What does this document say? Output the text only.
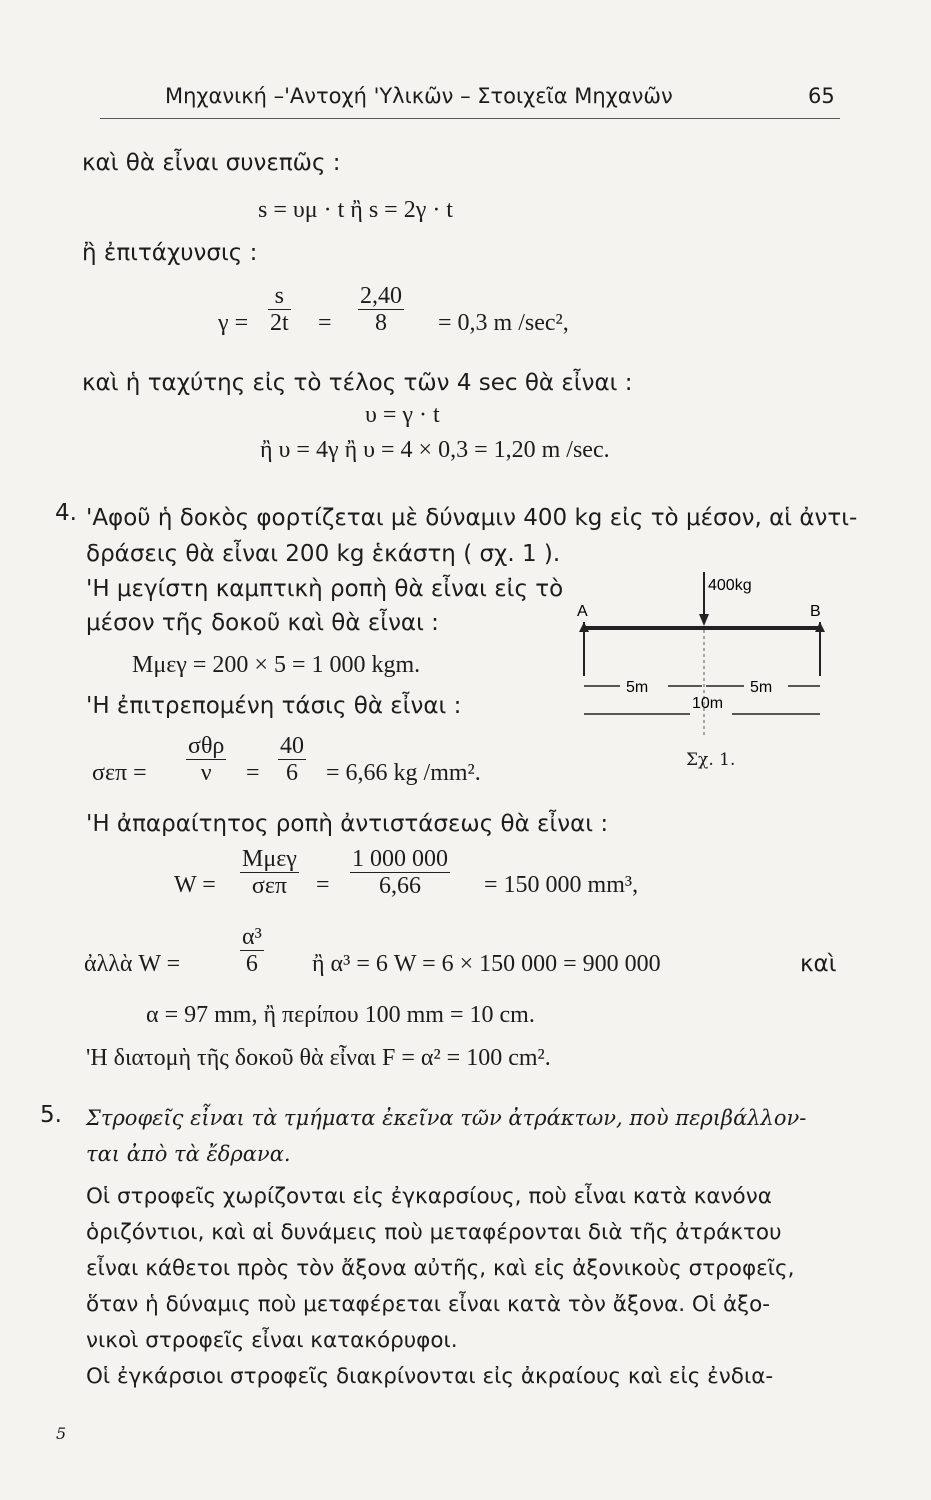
Μηχανική –'Αντοχή 'Υλικῶν – Στοιχεῖα Μηχανῶν	65
καὶ θὰ εἶναι συνεπῶς :
s = υμ · t ἢ s = 2γ · t
ἢ ἐπιτάχυνσις :
γ =
s
2t =
2,40
8 = 0,3 m /sec²,
καὶ ἡ ταχύτης εἰς τὸ τέλος τῶν 4 sec θὰ εἶναι :
υ = γ · t
ἢ υ = 4γ ἢ υ = 4 × 0,3 = 1,20 m /sec.
4. 'Αφοῦ ἡ δοκὸς φορτίζεται μὲ δύναμιν 400 kg εἰς τὸ μέσον, αἱ ἀντι-
δράσεις θὰ εἶναι 200 kg ἑκάστη ( σχ. 1 ).
'Η μεγίστη καμπτικὴ ροπὴ θὰ εἶναι εἰς τὸ
μέσον τῆς δοκοῦ καὶ θὰ εἶναι :
Mμεγ = 200 × 5 = 1 000 kgm.
'Η ἐπιτρεπομένη τάσις θὰ εἶναι :
σεπ =
σθρ
ν =
40
6 = 6,66 kg /mm².
400kg
A	B
5m	5m
10m
Σχ. 1.
'Η ἀπαραίτητος ροπὴ ἀντιστάσεως θὰ εἶναι :
W =
Mμεγ
σεπ =
1 000 000
6,66	= 150 000 mm³,
ἀλλὰ W =
α³
6 ἢ α³ = 6 W = 6 × 150 000 = 900 000	καὶ
α = 97 mm, ἢ περίπου 100 mm = 10 cm.
'Η διατομὴ τῆς δοκοῦ θὰ εἶναι F = α² = 100 cm².
5. Στροφεῖς εἶναι τὰ τμήματα ἐκεῖνα τῶν ἀτράκτων, ποὺ περιβάλλον-
ται ἀπὸ τὰ ἔδρανα.
Οἱ στροφεῖς χωρίζονται εἰς ἐγκαρσίους, ποὺ εἶναι κατὰ κανόνα
ὁριζόντιοι, καὶ αἱ δυνάμεις ποὺ μεταφέρονται διὰ τῆς ἀτράκτου
εἶναι κάθετοι πρὸς τὸν ἄξονα αὐτῆς, καὶ εἰς ἀξονικοὺς στροφεῖς,
ὅταν ἡ δύναμις ποὺ μεταφέρεται εἶναι κατὰ τὸν ἄξονα. Οἱ ἀξο-
νικοὶ στροφεῖς εἶναι κατακόρυφοι.
Οἱ ἐγκάρσιοι στροφεῖς διακρίνονται εἰς ἀκραίους καὶ εἰς ἐνδια-
5
